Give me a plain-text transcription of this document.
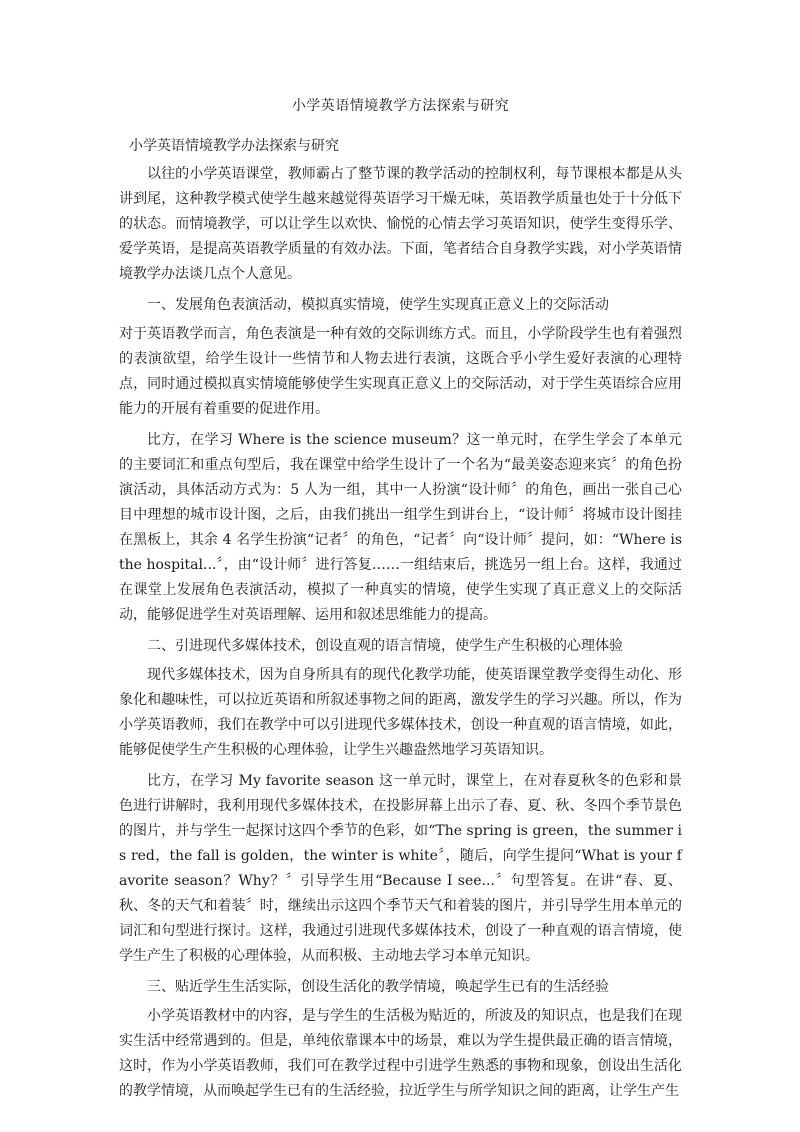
小学英语情境教学方法探索与研究
小学英语情境教学办法探索与研究
以往的小学英语课堂，教师霸占了整节课的教学活动的控制权利，每节课根本都是从头讲到尾，这种教学模式使学生越来越觉得英语学习干燥无味，英语教学质量也处于十分低下的状态。而情境教学，可以让学生以欢快、愉悦的心情去学习英语知识，使学生变得乐学、爱学英语，是提高英语教学质量的有效办法。下面，笔者结合自身教学实践，对小学英语情境教学办法谈几点个人意见。
一、发展角色表演活动，模拟真实情境，使学生实现真正意义上的交际活动
对于英语教学而言，角色表演是一种有效的交际训练方式。而且，小学阶段学生也有着强烈的表演欲望，给学生设计一些情节和人物去进行表演，这既合乎小学生爱好表演的心理特点，同时通过模拟真实情境能够使学生实现真正意义上的交际活动，对于学生英语综合应用能力的开展有着重要的促进作用。
比方，在学习 Where is the science museum？这一单元时，在学生学会了本单元的主要词汇和重点句型后，我在课堂中给学生设计了一个名为“最美姿态迎来宾〞的角色扮演活动，具体活动方式为：5 人为一组，其中一人扮演“设计师〞的角色，画出一张自己心目中理想的城市设计图，之后，由我们挑出一组学生到讲台上，“设计师〞将城市设计图挂在黑板上，其余 4 名学生扮演“记者〞的角色，“记者〞向“设计师〞提问，如：“Where is the hospital...〞，由“设计师〞进行答复……一组结束后，挑选另一组上台。这样，我通过在课堂上发展角色表演活动，模拟了一种真实的情境，使学生实现了真正意义上的交际活动，能够促进学生对英语理解、运用和叙述思维能力的提高。
二、引进现代多媒体技术，创设直观的语言情境，使学生产生积极的心理体验
现代多媒体技术，因为自身所具有的现代化教学功能，使英语课堂教学变得生动化、形象化和趣味性，可以拉近英语和所叙述事物之间的距离，激发学生的学习兴趣。所以，作为小学英语教师，我们在教学中可以引进现代多媒体技术，创设一种直观的语言情境，如此，能够促使学生产生积极的心理体验，让学生兴趣盎然地学习英语知识。
比方，在学习 My favorite season 这一单元时，课堂上，在对春夏秋冬的色彩和景色进行讲解时，我利用现代多媒体技术，在投影屏幕上出示了春、夏、秋、冬四个季节景色的图片，并与学生一起探讨这四个季节的色彩，如“The spring is green，the summer is red，the fall is golden，the winter is white〞，随后，向学生提问“What is your favorite season？Why？〞引导学生用“Because I see...〞句型答复。在讲“春、夏、秋、冬的天气和着装〞时，继续出示这四个季节天气和着装的图片，并引导学生用本单元的词汇和句型进行探讨。这样，我通过引进现代多媒体技术，创设了一种直观的语言情境，使学生产生了积极的心理体验，从而积极、主动地去学习本单元知识。
三、贴近学生生活实际，创设生活化的教学情境，唤起学生已有的生活经验
小学英语教材中的内容，是与学生的生活极为贴近的，所波及的知识点，也是我们在现实生活中经常遇到的。但是，单纯依靠课本中的场景，难以为学生提供最正确的语言情境，这时，作为小学英语教师，我们可在教学过程中引进学生熟悉的事物和现象，创设出生活化的教学情境，从而唤起学生已有的生活经验，拉近学生与所学知识之间的距离，让学生产生
